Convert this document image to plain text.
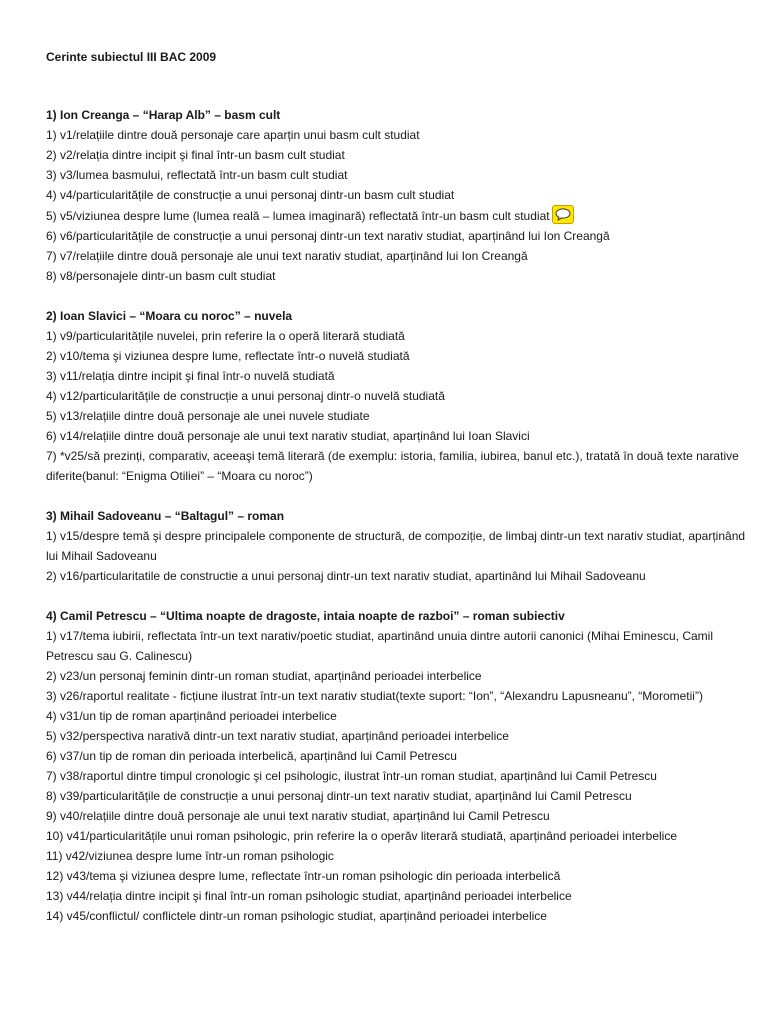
Cerinte subiectul III BAC 2009
1) Ion Creanga – “Harap Alb” – basm cult

1) v1/relațiile dintre două personaje care aparțin unui basm cult studiat

2) v2/relația dintre incipit şi final într-un basm cult studiat

3) v3/lumea basmului, reflectată într-un basm cult studiat

4) v4/particularitățile de construcție a unui personaj dintr-un basm cult studiat

5) v5/viziunea despre lume (lumea reală – lumea imaginară) reflectată într-un basm cult studiat

6) v6/particularitățile de construcție a unui personaj dintr-un text narativ studiat, aparținând lui Ion Creangă

7) v7/relațiile dintre două personaje ale unui text narativ studiat, aparținând lui Ion Creangă

8) v8/personajele dintr-un basm cult studiat

2) Ioan Slavici – “Moara cu noroc” – nuvela

1) v9/particularitățile nuvelei, prin referire la o operă literară studiată

2) v10/tema şi viziunea despre lume, reflectate într-o nuvelă studiată

3) v11/relația dintre incipit şi final într-o nuvelă studiată

4) v12/particularitățile de construcție a unui personaj dintr-o nuvelă studiată

5) v13/relațiile dintre două personaje ale unei nuvele studiate

6) v14/relațiile dintre două personaje ale unui text narativ studiat, aparținând lui Ioan Slavici

7) *v25/să prezinți, comparativ, aceeaşi temă literară (de exemplu: istoria, familia, iubirea, banul etc.), tratată în două texte narative diferite(banul: “Enigma Otiliei” – “Moara cu noroc”)

3) Mihail Sadoveanu – “Baltagul” – roman

1) v15/despre temă şi despre principalele componente de structură, de compoziție, de limbaj dintr-un text narativ studiat, aparținând lui Mihail Sadoveanu

2) v16/particularitatile de constructie a unui personaj dintr-un text narativ studiat, apartinând lui Mihail Sadoveanu

4) Camil Petrescu – “Ultima noapte de dragoste, intaia noapte de razboi” – roman subiectiv

1) v17/tema iubirii, reflectata într-un text narativ/poetic studiat, apartinând unuia dintre autorii canonici (Mihai Eminescu, Camil Petrescu sau G. Calinescu)

2) v23/un personaj feminin dintr-un roman studiat, aparținând perioadei interbelice

3) v26/raportul realitate - ficțiune ilustrat într-un text narativ studiat(texte suport: “Ion”, “Alexandru Lapusneanu”, “Morometii”)

4) v31/un tip de roman aparținând perioadei interbelice

5) v32/perspectiva narativă dintr-un text narativ studiat, aparținând perioadei interbelice

6) v37/un tip de roman din perioada interbelică, aparținând lui Camil Petrescu

7) v38/raportul dintre timpul cronologic şi cel psihologic, ilustrat într-un roman studiat, aparținând lui Camil Petrescu

8) v39/particularitățile de construcție a unui personaj dintr-un text narativ studiat, aparținând lui Camil Petrescu

9) v40/relațiile dintre două personaje ale unui text narativ studiat, aparținând lui Camil Petrescu

10) v41/particularitățile unui roman psihologic, prin referire la o operăv literară studiată, aparținând perioadei interbelice

11) v42/viziunea despre lume într-un roman psihologic

12) v43/tema şi viziunea despre lume, reflectate într-un roman psihologic din perioada interbelică

13) v44/relația dintre incipit şi final într-un roman psihologic studiat, aparținând perioadei interbelice

14) v45/conflictul/ conflictele dintr-un roman psihologic studiat, aparținând perioadei interbelice
